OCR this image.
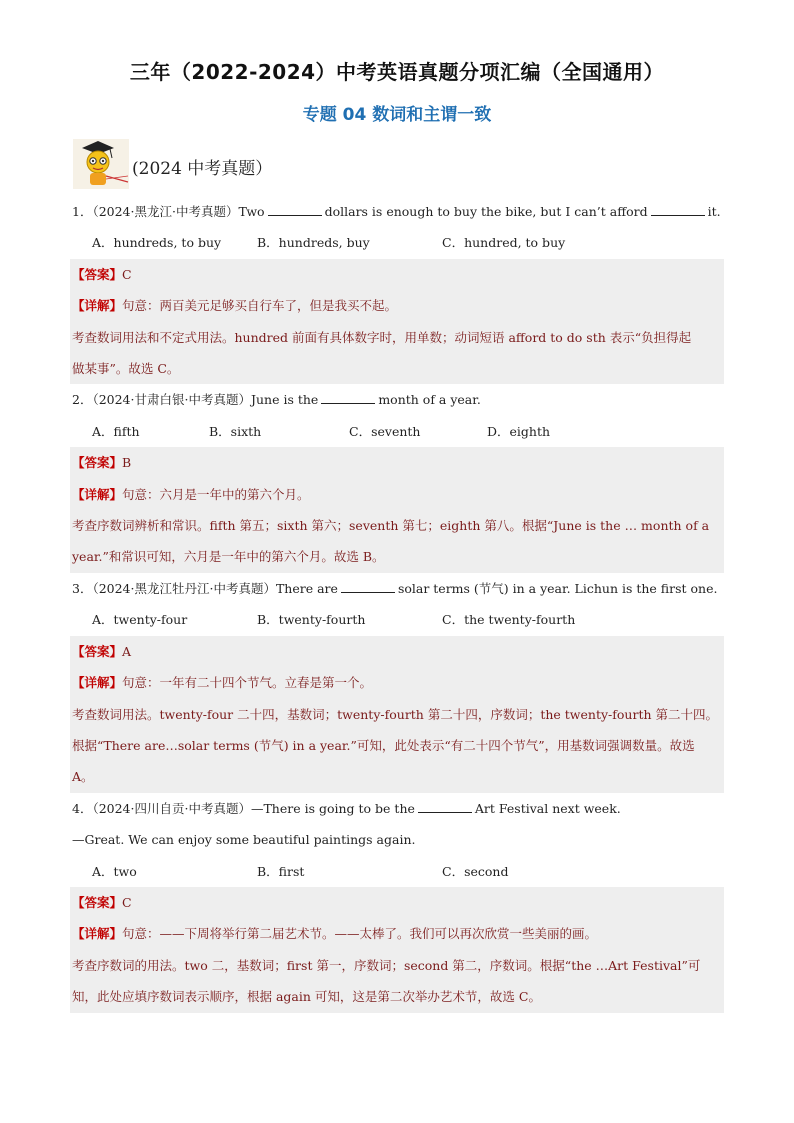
三年（2022-2024）中考英语真题分项汇编（全国通用）
专题 04 数词和主谓一致
(2024 中考真题）
1．（2024·黑龙江·中考真题）Two	dollars is enough to buy the bike, but I can’t afford	it.
A．hundreds, to buy	B．hundreds, buy	C．hundred, to buy
【答案】C
【详解】句意：两百美元足够买自行车了，但是我买不起。
考查数词用法和不定式用法。hundred 前面有具体数字时，用单数；动词短语 afford to do sth 表示“负担得起
做某事”。故选 C。
2．（2024·甘肃白银·中考真题）June is the	month of a year.
A．fifth	B．sixth	C．seventh	D．eighth
【答案】B
【详解】句意：六月是一年中的第六个月。
考查序数词辨析和常识。fifth 第五；sixth 第六；seventh 第七；eighth 第八。根据“June is the … month of a
year.”和常识可知，六月是一年中的第六个月。故选 B。
3．（2024·黑龙江牡丹江·中考真题）There are	solar terms (节气) in a year. Lichun is the first one.
A．twenty-four	B．twenty-fourth	C．the twenty-fourth
【答案】A
【详解】句意：一年有二十四个节气。立春是第一个。
考查数词用法。twenty-four 二十四，基数词；twenty-fourth 第二十四，序数词；the twenty-fourth 第二十四。
根据“There are…solar terms (节气) in a year.”可知，此处表示“有二十四个节气”，用基数词强调数量。故选
A。
4．（2024·四川自贡·中考真题）—There is going to be the	Art Festival next week.
—Great. We can enjoy some beautiful paintings again.
A．two	B．first	C．second
【答案】C
【详解】句意：——下周将举行第二届艺术节。——太棒了。我们可以再次欣赏一些美丽的画。
考查序数词的用法。two 二，基数词；first 第一，序数词；second 第二，序数词。根据“the …Art Festival”可
知，此处应填序数词表示顺序，根据 again 可知，这是第二次举办艺术节，故选 C。
